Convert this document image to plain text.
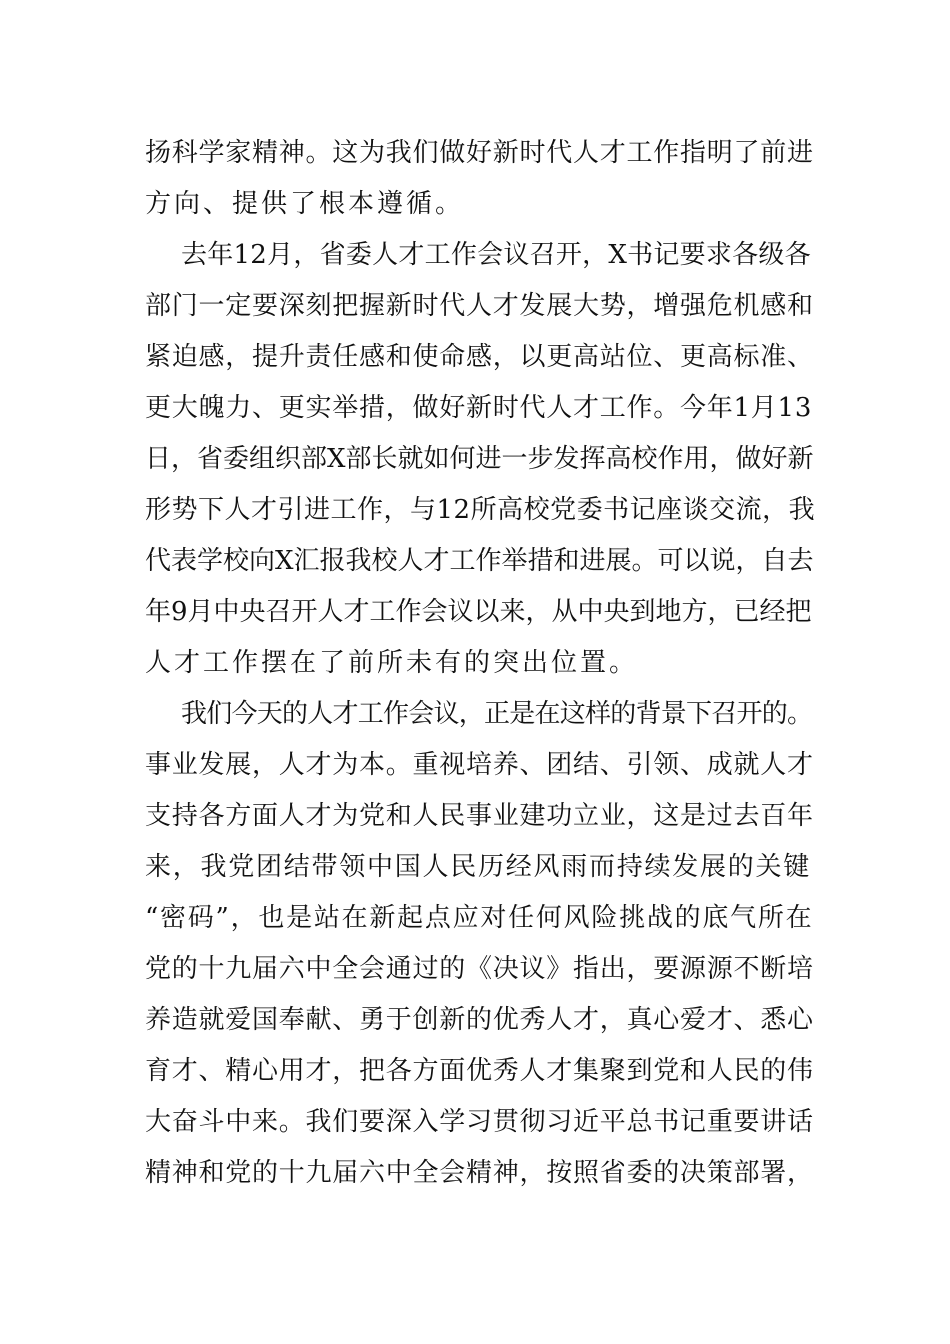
扬科学家精神。这为我们做好新时代人才工作指明了前进
方向、提供了根本遵循。
去年12月，省委人才工作会议召开，X书记要求各级各
部门一定要深刻把握新时代人才发展大势，增强危机感和
紧迫感，提升责任感和使命感，以更高站位、更高标准、
更大魄力、更实举措，做好新时代人才工作。今年1月13
日，省委组织部X部长就如何进一步发挥高校作用，做好新
形势下人才引进工作，与12所高校党委书记座谈交流，我
代表学校向X汇报我校人才工作举措和进展。可以说，自去
年9月中央召开人才工作会议以来，从中央到地方，已经把
人才工作摆在了前所未有的突出位置。
我们今天的人才工作会议，正是在这样的背景下召开的。
事业发展，人才为本。重视培养、团结、引领、成就人才
支持各方面人才为党和人民事业建功立业，这是过去百年
来，我党团结带领中国人民历经风雨而持续发展的关键
“密码”，也是站在新起点应对任何风险挑战的底气所在
党的十九届六中全会通过的《决议》指出，要源源不断培
养造就爱国奉献、勇于创新的优秀人才，真心爱才、悉心
育才、精心用才，把各方面优秀人才集聚到党和人民的伟
大奋斗中来。我们要深入学习贯彻习近平总书记重要讲话
精神和党的十九届六中全会精神，按照省委的决策部署，
